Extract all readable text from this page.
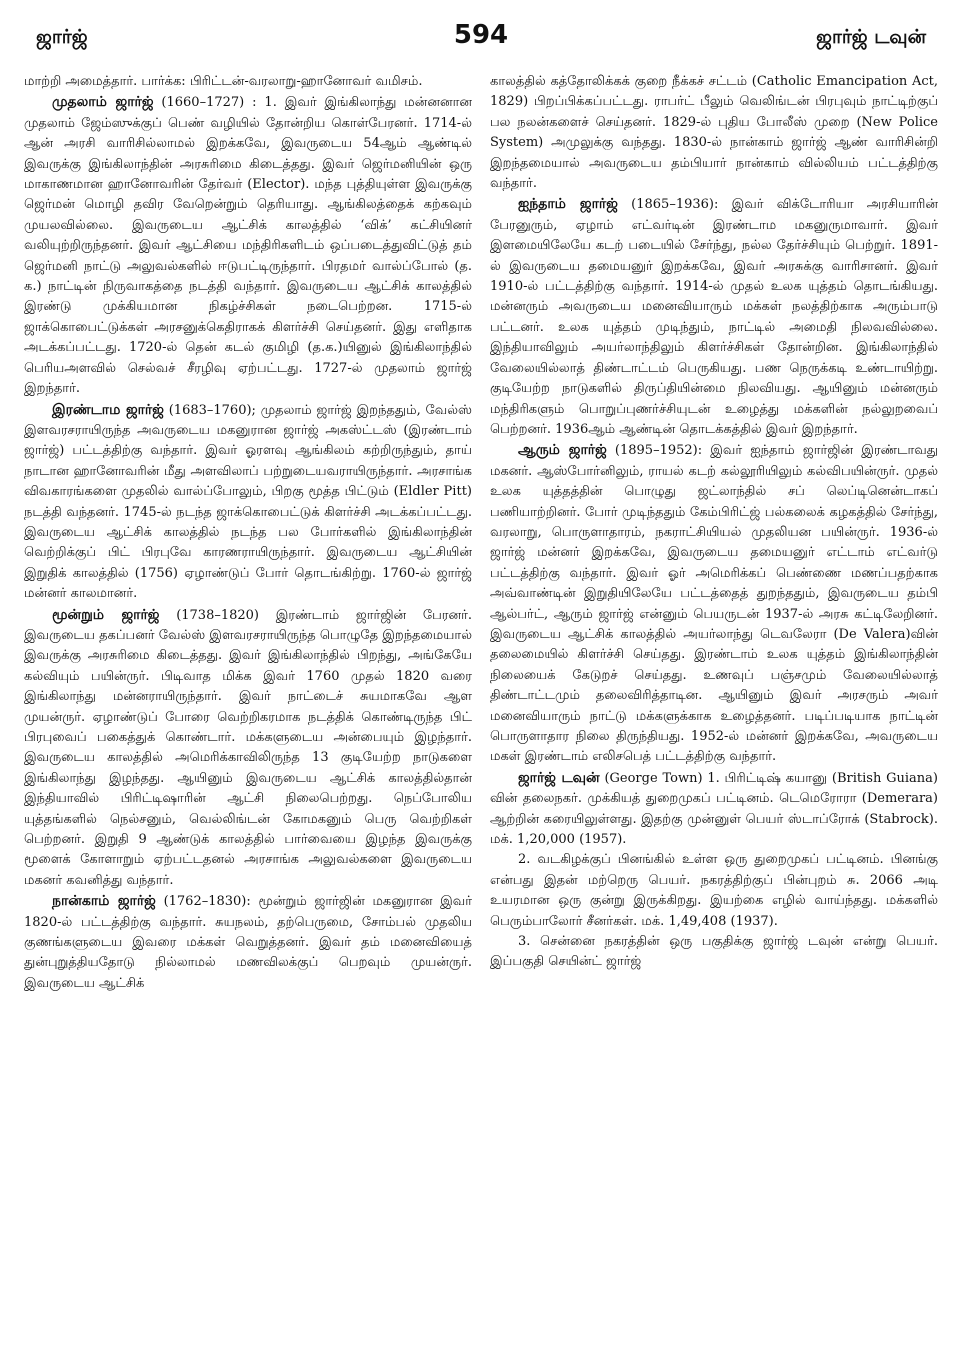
ஜார்ஜ்	594	ஜார்ஜ் டவுன்

மாற்றி அமைத்தார். பார்க்க: பிரிட்டன்-வரலாறு-ஹானோவர் வமிசம்.

முதலாம் ஜார்ஜ் (1660–1727) : 1. இவர் இங்கிலாந்து மன்னனான முதலாம் ஜேம்ஸுக்குப் பெண் வழியில் தோன்றிய கொள்பேரனர். 1714-ல் ஆன் அரசி வாரிசில்லாமல் இறக்கவே, இவருடைய 54ஆம் ஆண்டில் இவருக்கு இங்கிலாந்தின் அரசுரிமை கிடைத்தது. இவர் ஜெர்மனியின் ஒரு மாகாணமான ஹானோவரின் தேர்வர் (Elector). மந்த புத்தியுள்ள இவருக்கு ஜெர்மன் மொழி தவிர வேறென்றும் தெரியாது. ஆங்கிலத்தைக் கற்கவும் முயலவில்லை. இவருடைய ஆட்சிக் காலத்தில் ‘விக்’ கட்சியினர் வலியுற்றிருந்தனர். இவர் ஆட்சியை மந்திரிகளிடம் ஒப்படைத்துவிட்டுத் தம் ஜெர்மனி நாட்டு அலுவல்களில் ஈடுபட்டிருந்தார். பிரதமர் வால்ப்போல் (த. க.) நாட்டின் நிருவாகத்தை நடத்தி வந்தார். இவருடைய ஆட்சிக் காலத்தில் இரண்டு முக்கியமான நிகழ்ச்சிகள் நடைபெற்றன. 1715-ல் ஜாக்கொபைட்டுக்கள் அரசனுக்கெதிராகக் கிளர்ச்சி செய்தனர். இது எளிதாக அடக்கப்பட்டது. 1720-ல் தென் கடல் குமிழி (த.க.)யினுல் இங்கிலாந்தில் பெரியஅளவில் செல்வச் சீரழிவு ஏற்பட்டது. 1727-ல் முதலாம் ஜார்ஜ் இறந்தார்.

இரண்டாம ஜார்ஜ் (1683–1760); முதலாம் ஜார்ஜ் இறந்ததும், வேல்ஸ் இளவரசராயிருந்த அவருடைய மகனுரான ஜார்ஜ் அகஸ்ட்டஸ் (இரண்டாம் ஜார்ஜ்) பட்டத்திற்கு வந்தார். இவர் ஓரளவு ஆங்கிலம் கற்றிருந்தும், தாய் நாடான ஹானோவரின் மீது அளவிலாப் பற்றுடையவராயிருந்தார். அரசாங்க விவகாரங்களை முதலில் வால்ப்போலும், பிறகு மூத்த பிட்டும் (Eldler Pitt) நடத்தி வந்தனர். 1745-ல் நடந்த ஜாக்கொபைட்டுக் கிளர்ச்சி அடக்கப்பட்டது. இவருடைய ஆட்சிக் காலத்தில் நடந்த பல போர்களில் இங்கிலாந்தின் வெற்றிக்குப் பிட் பிரபுவே காரணராயிருந்தார். இவருடைய ஆட்சியின் இறுதிக் காலத்தில் (1756) ஏழாண்டுப் போர் தொடங்கிற்று. 1760-ல் ஜார்ஜ் மன்னர் காலமானர்.

மூன்றும் ஜார்ஜ் (1738–1820) இரண்டாம் ஜார்ஜின் பேரனர். இவருடைய தகப்பனர் வேல்ஸ் இளவரசராயிருந்த பொழுதே இறந்தமையால் இவருக்கு அரசுரிமை கிடைத்தது. இவர் இங்கிலாந்தில் பிறந்து, அங்கேயே கல்வியும் பயின்ருர். பிடிவாத மிக்க இவர் 1760 முதல் 1820 வரை இங்கிலாந்து மன்னராயிருந்தார். இவர் நாட்டைச் சுயமாகவே ஆள முயன்ருர். ஏழாண்டுப் போரை வெற்றிகரமாக நடத்திக் கொண்டிருந்த பிட் பிரபுவைப் பகைத்துக் கொண்டார். மக்களுடைய அன்பையும் இழந்தார். இவருடைய காலத்தில் அமெரிக்காவிலிருந்த 13 குடியேற்ற நாடுகளை இங்கிலாந்து இழந்தது. ஆயினும் இவருடைய ஆட்சிக் காலத்தில்தான் இந்தியாவில் பிரிட்டிஷாரின் ஆட்சி நிலைபெற்றது. நெப்போலிய யுத்தங்களில் நெல்சனும், வெல்லிங்டன் கோமகனும் பெரு வெற்றிகள் பெற்றனர். இறுதி 9 ஆண்டுக் காலத்தில் பார்வையை இழந்த இவருக்கு மூளைக் கோளாறும் ஏற்பட்டதனல் அரசாங்க அலுவல்களை இவருடைய மகனர் கவனித்து வந்தார்.

நான்காம் ஜார்ஜ் (1762–1830): மூன்றும் ஜார்ஜின் மகனுரான இவர் 1820-ல் பட்டத்திற்கு வந்தார். சுயநலம், தற்பெருமை, சோம்பல் முதலிய குணங்களுடைய இவரை மக்கள் வெறுத்தனர். இவர் தம் மனைவியைத் துன்புறுத்தியதோடு நில்லாமல் மணவிலக்குப் பெறவும் முயன்ருர். இவருடைய ஆட்சிக்

காலத்தில் கத்தோலிக்கக் குறை நீக்கச் சட்டம் (Catholic Emancipation Act, 1829) பிறப்பிக்கப்பட்டது. ராபர்ட் பீலும் வெலிங்டன் பிரபுவும் நாட்டிற்குப் பல நலன்களைச் செய்தனர். 1829-ல் புதிய போலீஸ் முறை (New Police System) அமுலுக்கு வந்தது. 1830-ல் நான்காம் ஜார்ஜ் ஆண் வாரிசின்றி இறந்தமையால் அவருடைய தம்பியார் நான்காம் வில்லியம் பட்டத்திற்கு வந்தார்.

ஐந்தாம் ஜார்ஜ் (1865–1936): இவர் விக்டோரியா அரசியாரின் பேரனுரும், ஏழாம் எட்வர்டின் இரண்டாம மகனுருமாவார். இவர் இளமையிலேயே கடற் படையில் சேர்ந்து, நல்ல தேர்ச்சியும் பெற்றுர். 1891-ல் இவருடைய தமையனுர் இறக்கவே, இவர் அரசுக்கு வாரிசானர். இவர் 1910-ல் பட்டத்திற்கு வந்தார். 1914-ல் முதல் உலக யுத்தம் தொடங்கியது. மன்னரும் அவருடைய மனைவியாரும் மக்கள் நலத்திற்காக அரும்பாடு பட்டனர். உலக யுத்தம் முடிந்தும், நாட்டில் அமைதி நிலவவில்லை. இந்தியாவிலும் அயர்லாந்திலும் கிளர்ச்சிகள் தோன்றின. இங்கிலாந்தில் வேலையில்லாத் திண்டாட்டம் பெருகியது. பண நெருக்கடி உண்டாயிற்று. குடியேற்ற நாடுகளில் திருப்தியின்மை நிலவியது. ஆயினும் மன்னரும் மந்திரிகளும் பொறுப்புணர்ச்சியுடன் உழைத்து மக்களின் நல்லுறவைப் பெற்றனர். 1936ஆம் ஆண்டின் தொடக்கத்தில் இவர் இறந்தார்.

ஆரும் ஜார்ஜ் (1895–1952): இவர் ஐந்தாம் ஜார்ஜின் இரண்டாவது மகனர். ஆஸ்போர்னிலும், ராயல் கடற் கல்லூரியிலும் கல்விபயின்ருர். முதல் உலக யுத்தத்தின் பொழுது ஜட்லாந்தில் சப் லெப்டினென்டாகப் பணியாற்றினர். போர் முடிந்ததும் கேம்பிரிட்ஜ் பல்கலைக் கழகத்தில் சேர்ந்து, வரலாறு, பொருளாதாரம், நகராட்சியியல் முதலியன பயின்ருர். 1936-ல் ஜார்ஜ் மன்னர் இறக்கவே, இவருடைய தமையனுர் எட்டாம் எட்வர்டு பட்டத்திற்கு வந்தார். இவர் ஓர் அமெரிக்கப் பெண்ணை மணப்பதற்காக அவ்வாண்டின் இறுதியிலேயே பட்டத்தைத் துறந்ததும், இவருடைய தம்பி ஆல்பர்ட், ஆரும் ஜார்ஜ் என்னும் பெயருடன் 1937-ல் அரசு கட்டிலேறினர். இவருடைய ஆட்சிக் காலத்தில் அயர்லாந்து டெவலேரா (De Valera)வின் தலைமையில் கிளர்ச்சி செய்தது. இரண்டாம் உலக யுத்தம் இங்கிலாந்தின் நிலையைக் கேடுறச் செய்தது. உணவுப் பஞ்சமும் வேலையில்லாத் திண்டாட்டமும் தலைவிரித்தாடின. ஆயினும் இவர் அரசரும் அவர் மனைவியாரும் நாட்டு மக்களுக்காக உழைத்தனர். படிப்படியாக நாட்டின் பொருளாதார நிலை திருந்தியது. 1952-ல் மன்னர் இறக்கவே, அவருடைய மகள் இரண்டாம் எலிசபெத் பட்டத்திற்கு வந்தார்.

ஜார்ஜ் டவுன் (George Town) 1. பிரிட்டிஷ் கயானு (British Guiana) வின் தலைநகர். முக்கியத் துறைமுகப் பட்டினம். டெமெரோரா (Demerara) ஆற்றின் கரையிலுள்ளது. இதற்கு முன்னுள் பெயர் ஸ்டாப்ரோக் (Stabrock). மக். 1,20,000 (1957).

2. வடகிழக்குப் பினங்கில் உள்ள ஒரு துறைமுகப் பட்டினம். பினங்கு என்பது இதன் மற்றெரு பெயர். நகரத்திற்குப் பின்புறம் சு. 2066 அடி உயரமான ஒரு குன்று இருக்கிறது. இயற்கை எழில் வாய்ந்தது. மக்களில் பெரும்பாலோர் சீனர்கள். மக். 1,49,408 (1937).

3. சென்னை நகரத்தின் ஒரு பகுதிக்கு ஜார்ஜ் டவுன் என்று பெயர். இப்பகுதி செயின்ட் ஜார்ஜ்
